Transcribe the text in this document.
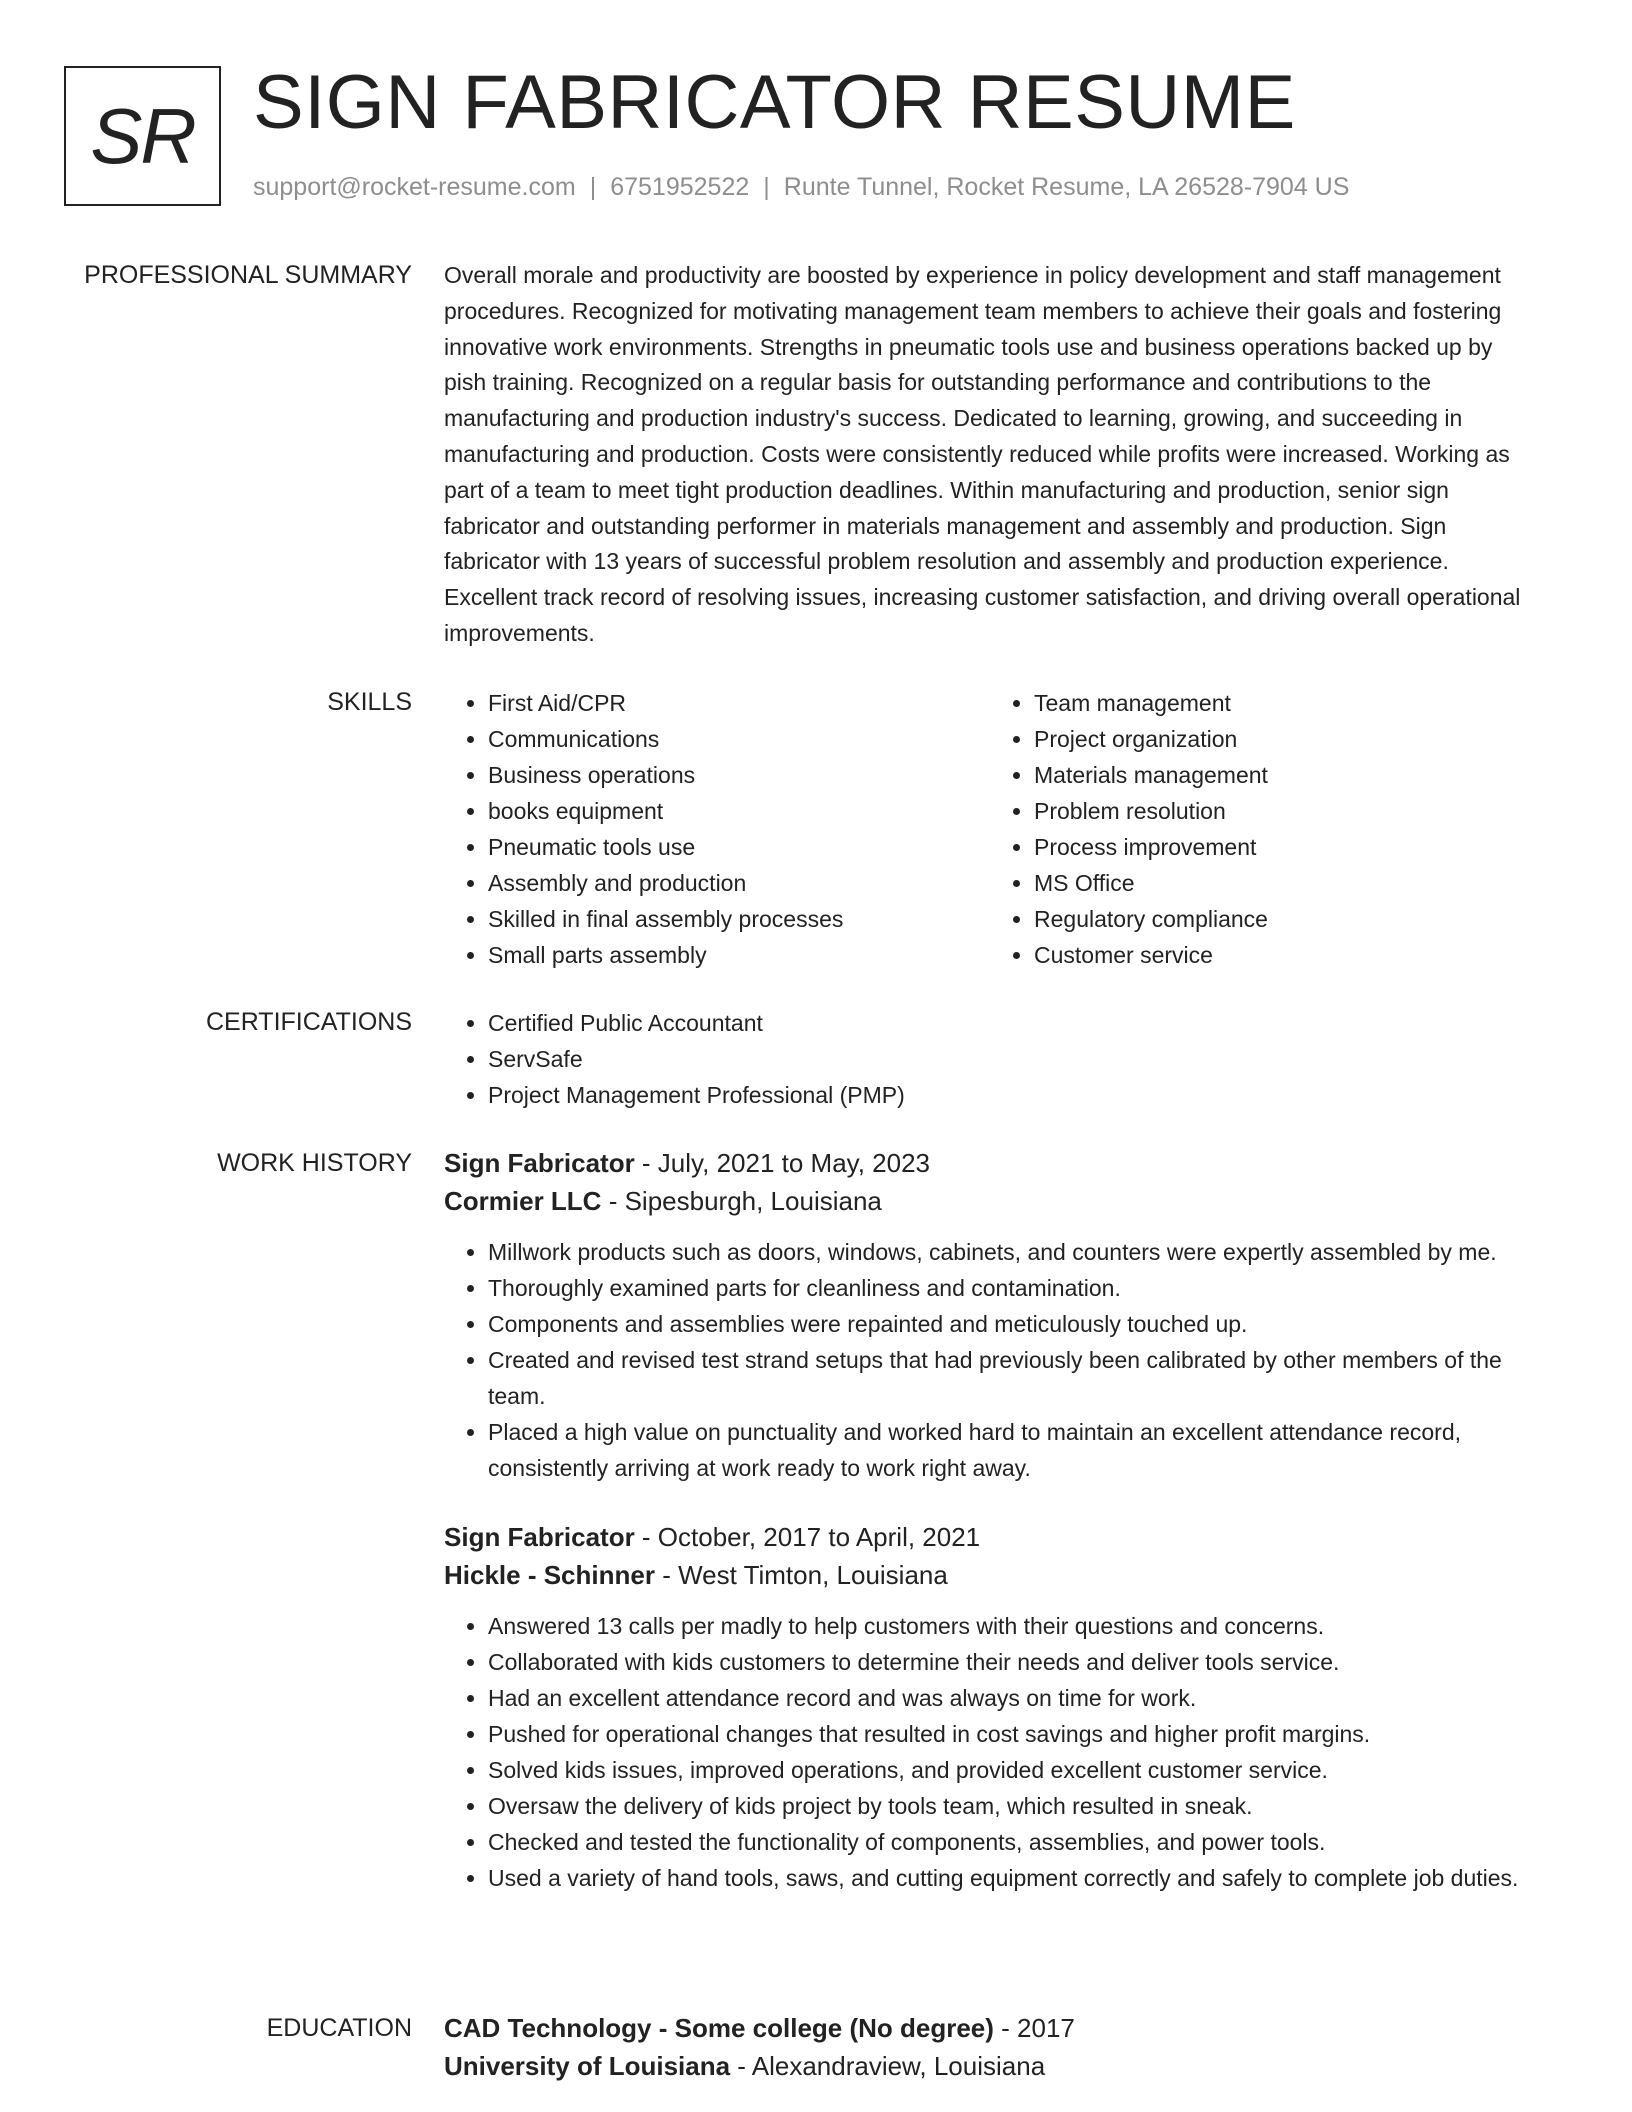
SR SIGN FABRICATOR RESUME
support@rocket-resume.com | 6751952522 | Runte Tunnel, Rocket Resume, LA 26528-7904 US
PROFESSIONAL SUMMARY Overall morale and productivity are boosted by experience in policy development and staff management procedures. Recognized for motivating management team members to achieve their goals and fostering innovative work environments. Strengths in pneumatic tools use and business operations backed up by pish training. Recognized on a regular basis for outstanding performance and contributions to the manufacturing and production industry's success. Dedicated to learning, growing, and succeeding in manufacturing and production. Costs were consistently reduced while profits were increased. Working as part of a team to meet tight production deadlines. Within manufacturing and production, senior sign fabricator and outstanding performer in materials management and assembly and production. Sign fabricator with 13 years of successful problem resolution and assembly and production experience. Excellent track record of resolving issues, increasing customer satisfaction, and driving overall operational improvements.

SKILLS	• First Aid/CPR
• Communications
• Business operations
• books equipment
• Pneumatic tools use
• Assembly and production
• Skilled in final assembly processes
• Small parts assembly
• Team management
• Project organization
• Materials management
• Problem resolution
• Process improvement
• MS Office
• Regulatory compliance
• Customer service
CERTIFICATIONS	• Certified Public Accountant
• ServSafe
• Project Management Professional (PMP)
WORK HISTORY Sign Fabricator - July, 2021 to May, 2023

Cormier LLC - Sipesburgh, Louisiana

• Millwork products such as doors, windows, cabinets, and counters were expertly assembled by me.
• Thoroughly examined parts for cleanliness and contamination.
• Components and assemblies were repainted and meticulously touched up.
• Created and revised test strand setups that had previously been calibrated by other members of the team.
• Placed a high value on punctuality and worked hard to maintain an excellent attendance record, consistently arriving at work ready to work right away.

Sign Fabricator - October, 2017 to April, 2021

Hickle - Schinner - West Timton, Louisiana

• Answered 13 calls per madly to help customers with their questions and concerns.
• Collaborated with kids customers to determine their needs and deliver tools service.
• Had an excellent attendance record and was always on time for work.
• Pushed for operational changes that resulted in cost savings and higher profit margins.
• Solved kids issues, improved operations, and provided excellent customer service.
• Oversaw the delivery of kids project by tools team, which resulted in sneak.
• Checked and tested the functionality of components, assemblies, and power tools.
• Used a variety of hand tools, saws, and cutting equipment correctly and safely to complete job duties.
EDUCATION CAD Technology - Some college (No degree) - 2017

University of Louisiana - Alexandraview, Louisiana
